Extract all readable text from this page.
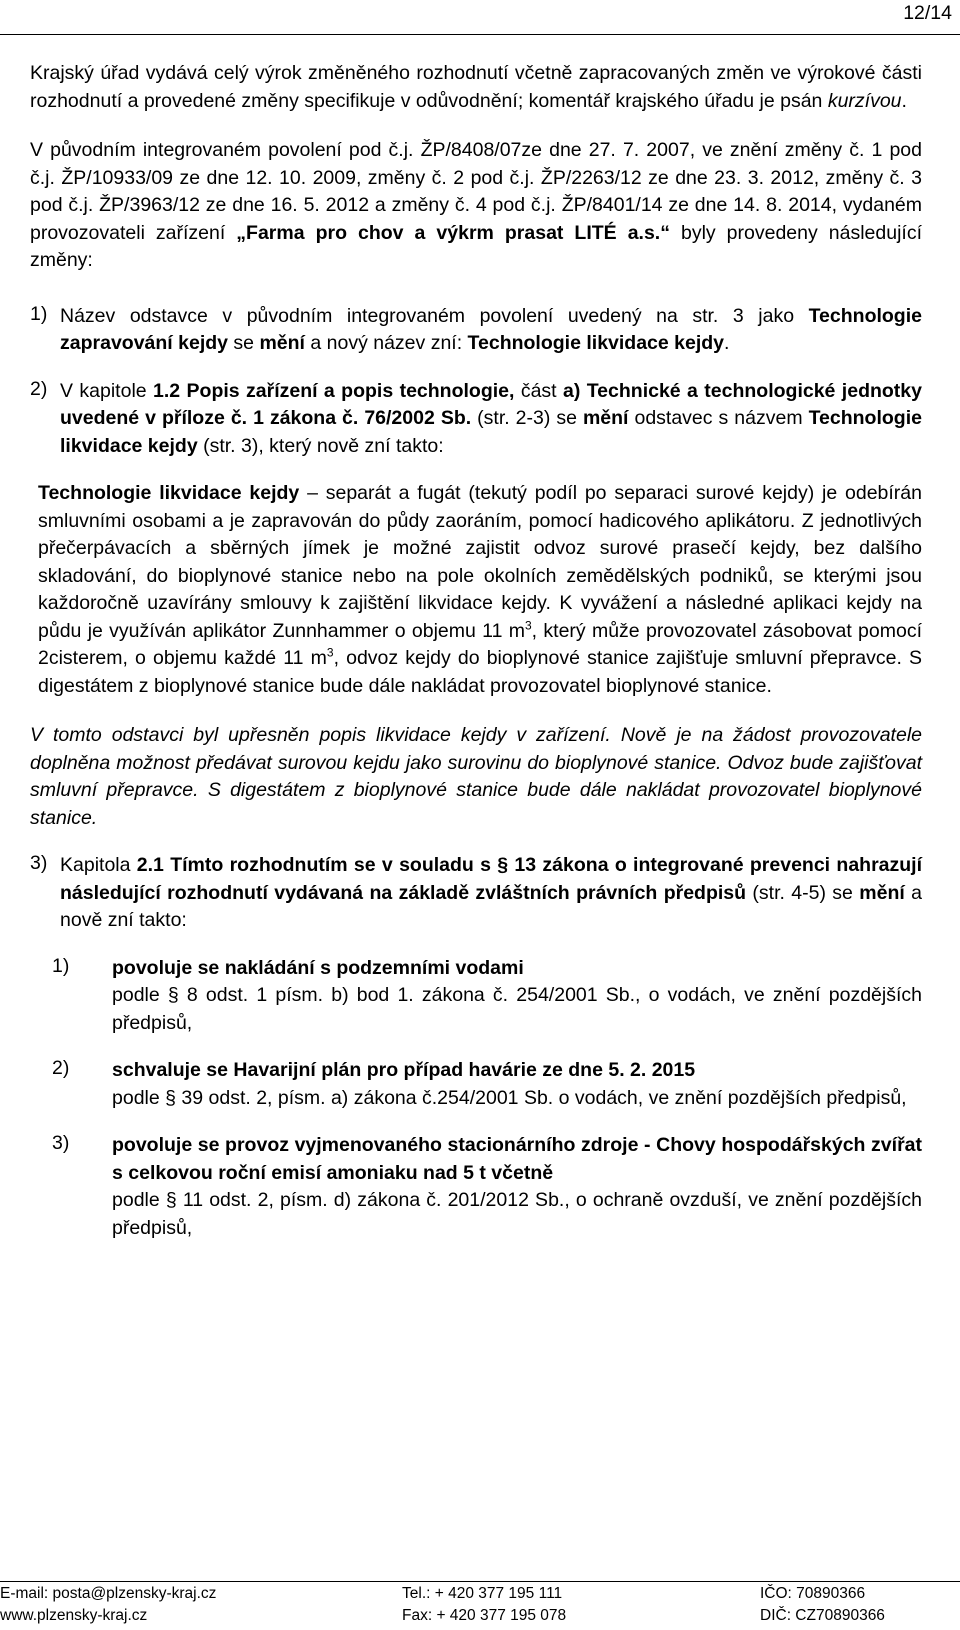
12/14

Krajský úřad vydává celý výrok změněného rozhodnutí včetně zapracovaných změn ve výrokové části rozhodnutí a provedené změny specifikuje v odůvodnění; komentář krajského úřadu je psán kurzívou.

V původním integrovaném povolení pod č.j. ŽP/8408/07ze dne 27. 7. 2007, ve znění změny č. 1 pod č.j. ŽP/10933/09 ze dne 12. 10. 2009, změny č. 2 pod č.j. ŽP/2263/12 ze dne 23. 3. 2012, změny č. 3 pod č.j. ŽP/3963/12 ze dne 16. 5. 2012 a změny č. 4 pod č.j. ŽP/8401/14 ze dne 14. 8. 2014, vydaném provozovateli zařízení „Farma pro chov a výkrm prasat LITÉ a.s.“ byly provedeny následující změny:

1) Název odstavce v původním integrovaném povolení uvedený na str. 3 jako Technologie zapravování kejdy se mění a nový název zní: Technologie likvidace kejdy.

2) V kapitole 1.2 Popis zařízení a popis technologie, část a) Technické a technologické jednotky uvedené v příloze č. 1 zákona č. 76/2002 Sb. (str. 2-3) se mění odstavec s názvem Technologie likvidace kejdy (str. 3), který nově zní takto:

Technologie likvidace kejdy – separát a fugát (tekutý podíl po separaci surové kejdy) je odebírán smluvními osobami a je zapravován do půdy zaoráním, pomocí hadicového aplikátoru. Z jednotlivých přečerpávacích a sběrných jímek je možné zajistit odvoz surové prasečí kejdy, bez dalšího skladování, do bioplynové stanice nebo na pole okolních zemědělských podniků, se kterými jsou každoročně uzavírány smlouvy k zajištění likvidace kejdy. K vyvážení a následné aplikaci kejdy na půdu je využíván aplikátor Zunnhammer o objemu 11 $m^3$, který může provozovatel zásobovat pomocí 2cisterem, o objemu každé 11 $m^3$, odvoz kejdy do bioplynové stanice zajišťuje smluvní přepravce. S digestátem z bioplynové stanice bude dále nakládat provozovatel bioplynové stanice.

V tomto odstavci byl upřesněn popis likvidace kejdy v zařízení. Nově je na žádost provozovatele doplněna možnost předávat surovou kejdu jako surovinu do bioplynové stanice. Odvoz bude zajišťovat smluvní přepravce. S digestátem z bioplynové stanice bude dále nakládat provozovatel bioplynové stanice.

3) Kapitola 2.1 Tímto rozhodnutím se v souladu s § 13 zákona o integrované prevenci nahrazují následující rozhodnutí vydávaná na základě zvláštních právních předpisů (str. 4-5) se mění a nově zní takto:

1)	povoluje se nakládání s podzemními vodami

podle § 8 odst. 1 písm. b) bod 1. zákona č. 254/2001 Sb., o vodách, ve znění pozdějších předpisů,

2)	schvaluje se Havarijní plán pro případ havárie ze dne 5. 2. 2015

podle § 39 odst. 2, písm. a) zákona č.254/2001 Sb. o vodách, ve znění pozdějších předpisů,

3)	povoluje se provoz vyjmenovaného stacionárního zdroje - Chovy hospodářských zvířat s celkovou roční emisí amoniaku nad 5 t včetně

podle § 11 odst. 2, písm. d) zákona č. 201/2012 Sb., o ochraně ovzduší, ve znění pozdějších předpisů,

E-mail: posta@plzensky-kraj.cz	Tel.: + 420 377 195 111	IČO: 70890366
www.plzensky-kraj.cz	Fax: + 420 377 195 078	DIČ: CZ70890366
